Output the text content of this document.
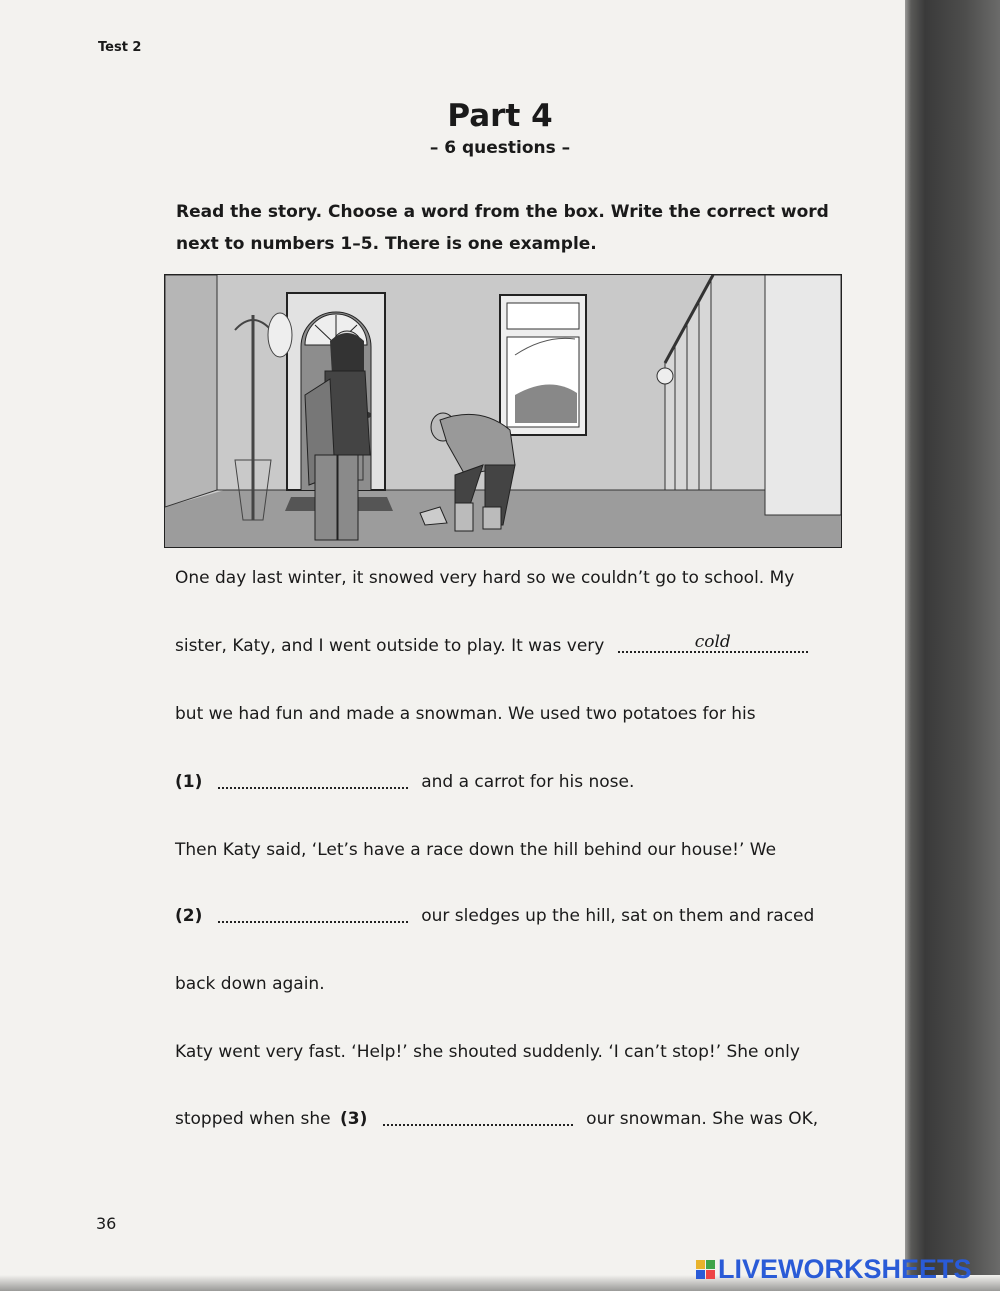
Test 2
Part 4
– 6 questions –
Read the story. Choose a word from the box. Write the correct word next to numbers 1–5. There is one example.
One day last winter, it snowed very hard so we couldn’t go to school. My
sister, Katy, and I went outside to play. It was very	cold
but we had fun and made a snowman. We used two potatoes for his
(1)	and a carrot for his nose.
Then Katy said, ‘Let’s have a race down the hill behind our house!’ We
(2)	our sledges up the hill, sat on them and raced
back down again.
Katy went very fast. ‘Help!’ she shouted suddenly. ‘I can’t stop!’ She only
stopped when she (3)	our snowman. She was OK,
36
LIVEWORKSHEETS
